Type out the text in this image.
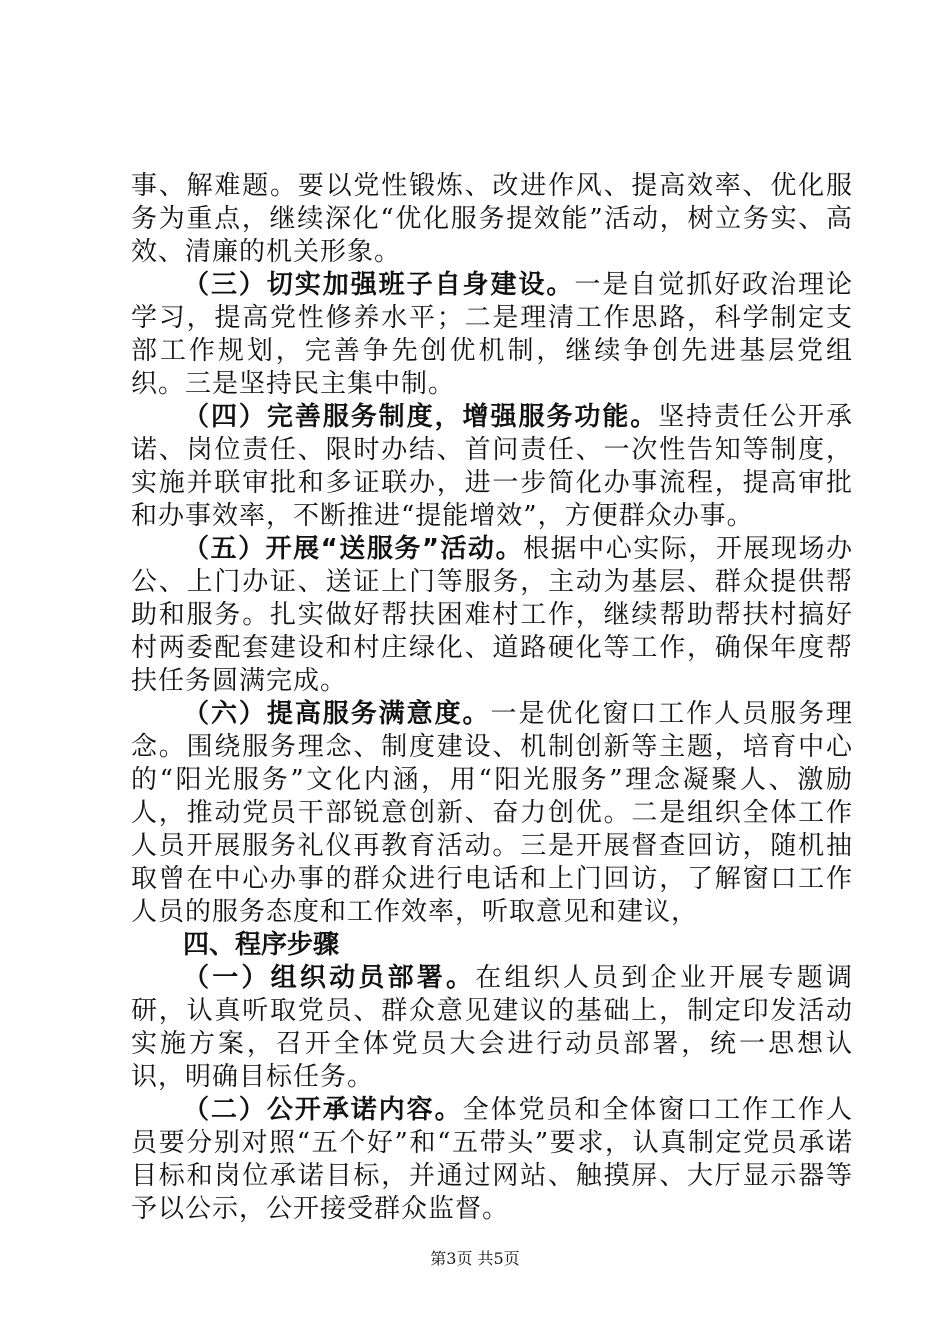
事、解难题。要以党性锻炼、改进作风、提高效率、优化服务为重点，继续深化“优化服务提效能”活动，树立务实、高效、清廉的机关形象。

（三）切实加强班子自身建设。一是自觉抓好政治理论学习，提高党性修养水平；二是理清工作思路，科学制定支部工作规划，完善争先创优机制，继续争创先进基层党组织。三是坚持民主集中制。

（四）完善服务制度，增强服务功能。坚持责任公开承诺、岗位责任、限时办结、首问责任、一次性告知等制度，实施并联审批和多证联办，进一步简化办事流程，提高审批和办事效率，不断推进“提能增效”，方便群众办事。

（五）开展“送服务”活动。根据中心实际，开展现场办公、上门办证、送证上门等服务，主动为基层、群众提供帮助和服务。扎实做好帮扶困难村工作，继续帮助帮扶村搞好村两委配套建设和村庄绿化、道路硬化等工作，确保年度帮扶任务圆满完成。

（六）提高服务满意度。一是优化窗口工作人员服务理念。围绕服务理念、制度建设、机制创新等主题，培育中心的“阳光服务”文化内涵，用“阳光服务”理念凝聚人、激励人，推动党员干部锐意创新、奋力创优。二是组织全体工作人员开展服务礼仪再教育活动。三是开展督查回访，随机抽取曾在中心办事的群众进行电话和上门回访，了解窗口工作人员的服务态度和工作效率，听取意见和建议，

四、程序步骤

（一）组织动员部署。在组织人员到企业开展专题调研，认真听取党员、群众意见建议的基础上，制定印发活动实施方案，召开全体党员大会进行动员部署，统一思想认识，明确目标任务。

（二）公开承诺内容。全体党员和全体窗口工作工作人员要分别对照“五个好”和“五带头”要求，认真制定党员承诺目标和岗位承诺目标，并通过网站、触摸屏、大厅显示器等予以公示，公开接受群众监督。

第3页 共5页
